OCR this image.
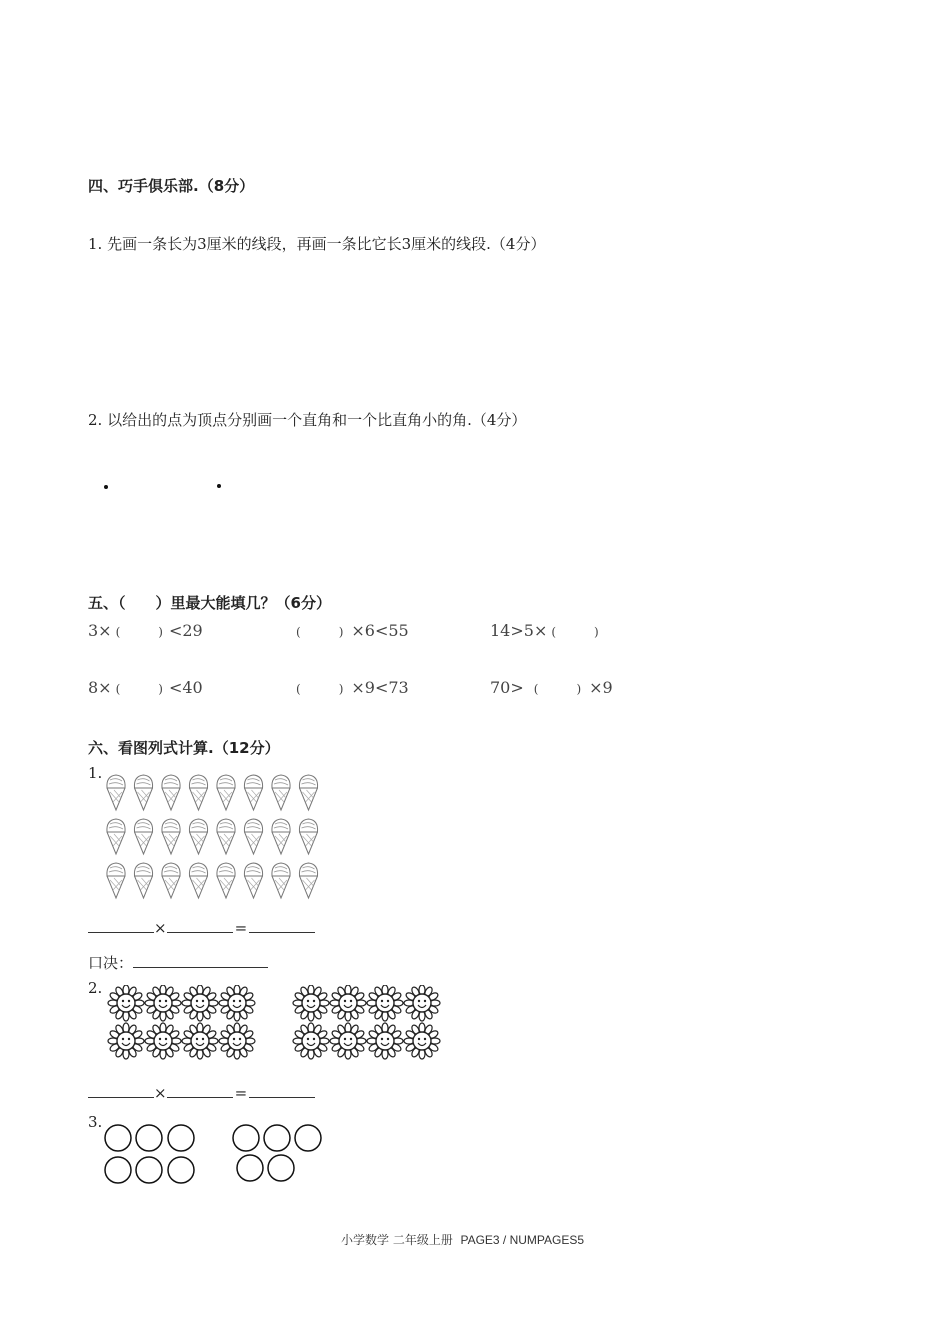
四、巧手俱乐部.（8分）
1. 先画一条长为3厘米的线段，再画一条比它长3厘米的线段.（4分）
2. 以给出的点为顶点分别画一个直角和一个比直角小的角.（4分）
五、（　　）里最大能填几？（6分）
3× (	) <29	(	) ×6<55	14>5× (	)
8× (	) <40	(	) ×9<73	70> (	) ×9
六、看图列式计算.（12分）
1.
×	=
口决：
2.
×	=
3.
小学数学 二年级上册 PAGE3 / NUMPAGES5
